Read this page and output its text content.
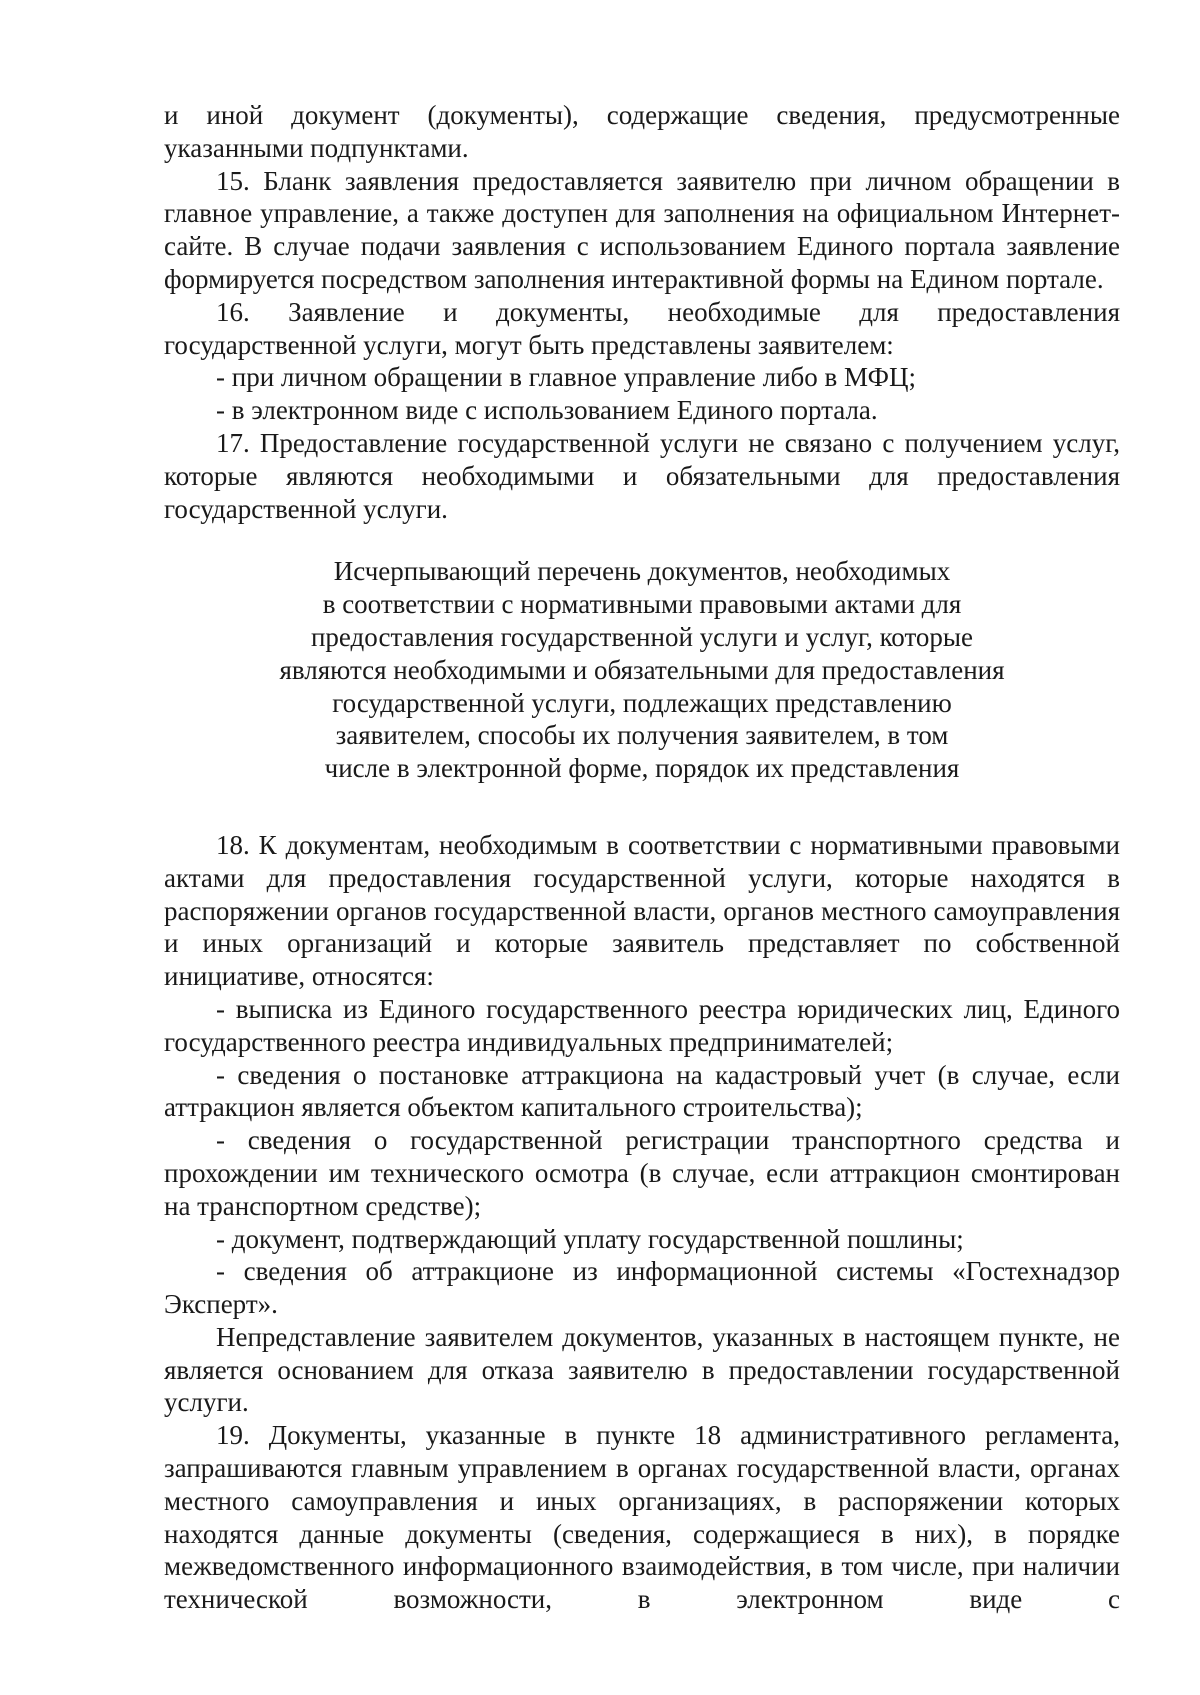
и иной документ (документы), содержащие сведения, предусмотренные указанными подпунктами.

15. Бланк заявления предоставляется заявителю при личном обращении в главное управление, а также доступен для заполнения на официальном Интернет-сайте. В случае подачи заявления с использованием Единого портала заявление формируется посредством заполнения интерактивной формы на Едином портале.

16. Заявление и документы, необходимые для предоставления государственной услуги, могут быть представлены заявителем:

- при личном обращении в главное управление либо в МФЦ;

- в электронном виде с использованием Единого портала.

17. Предоставление государственной услуги не связано с получением услуг, которые являются необходимыми и обязательными для предоставления государственной услуги.

Исчерпывающий перечень документов, необходимых
в соответствии с нормативными правовыми актами для
предоставления государственной услуги и услуг, которые
являются необходимыми и обязательными для предоставления
государственной услуги, подлежащих представлению
заявителем, способы их получения заявителем, в том
числе в электронной форме, порядок их представления

18. К документам, необходимым в соответствии с нормативными правовыми актами для предоставления государственной услуги, которые находятся в распоряжении органов государственной власти, органов местного самоуправления и иных организаций и которые заявитель представляет по собственной инициативе, относятся:

- выписка из Единого государственного реестра юридических лиц, Единого государственного реестра индивидуальных предпринимателей;

- сведения о постановке аттракциона на кадастровый учет (в случае, если аттракцион является объектом капитального строительства);

- сведения о государственной регистрации транспортного средства и прохождении им технического осмотра (в случае, если аттракцион смонтирован на транспортном средстве);

- документ, подтверждающий уплату государственной пошлины;

- сведения об аттракционе из информационной системы «Гостехнадзор Эксперт».

Непредставление заявителем документов, указанных в настоящем пункте, не является основанием для отказа заявителю в предоставлении государственной услуги.

19. Документы, указанные в пункте 18 административного регламента, запрашиваются главным управлением в органах государственной власти, органах местного самоуправления и иных организациях, в распоряжении которых находятся данные документы (сведения, содержащиеся в них), в порядке межведомственного информационного взаимодействия, в том числе, при наличии технической возможности, в электронном виде с
